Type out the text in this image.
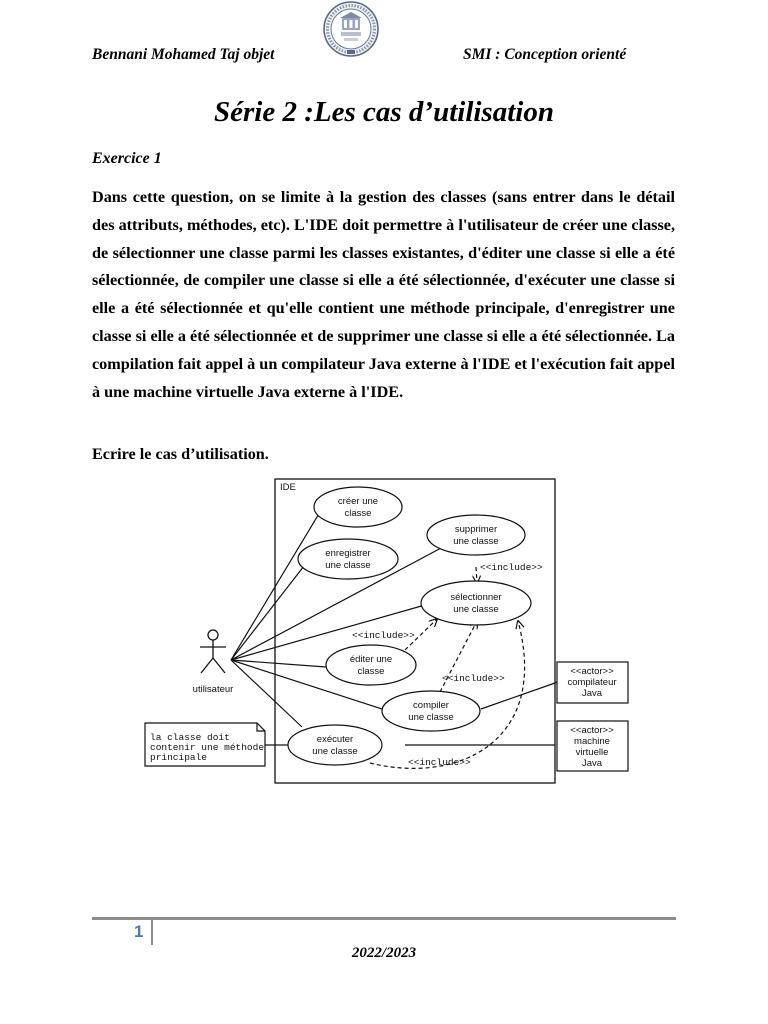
Bennani Mohamed Taj objet	SMI : Conception orienté
Série 2 :Les cas d’utilisation
Exercice 1

Dans cette question, on se limite à la gestion des classes (sans entrer dans le détail des attributs, méthodes, etc). L'IDE doit permettre à l'utilisateur de créer une classe, de sélectionner une classe parmi les classes existantes, d'éditer une classe si elle a été sélectionnée, de compiler une classe si elle a été sélectionnée, d'exécuter une classe si elle a été sélectionnée et qu'elle contient une méthode principale, d'enregistrer une classe si elle a été sélectionnée et de supprimer une classe si elle a été sélectionnée. La compilation fait appel à un compilateur Java externe à l'IDE et l'exécution fait appel à une machine virtuelle Java externe à l'IDE.

Ecrire le cas d’utilisation.
IDE
<<include>>
<<include>>
<<include>>
<<include>>
créer une
classe
supprimer
une classe
enregistrer
une classe
sélectionner
une classe
éditer une
classe
compiler
une classe
exécuter
une classe
utilisateur
<<actor>>
compilateur
Java
<<actor>>
machine
virtuelle
Java
la classe doit
contenir une méthode
principale
1
2022/2023
